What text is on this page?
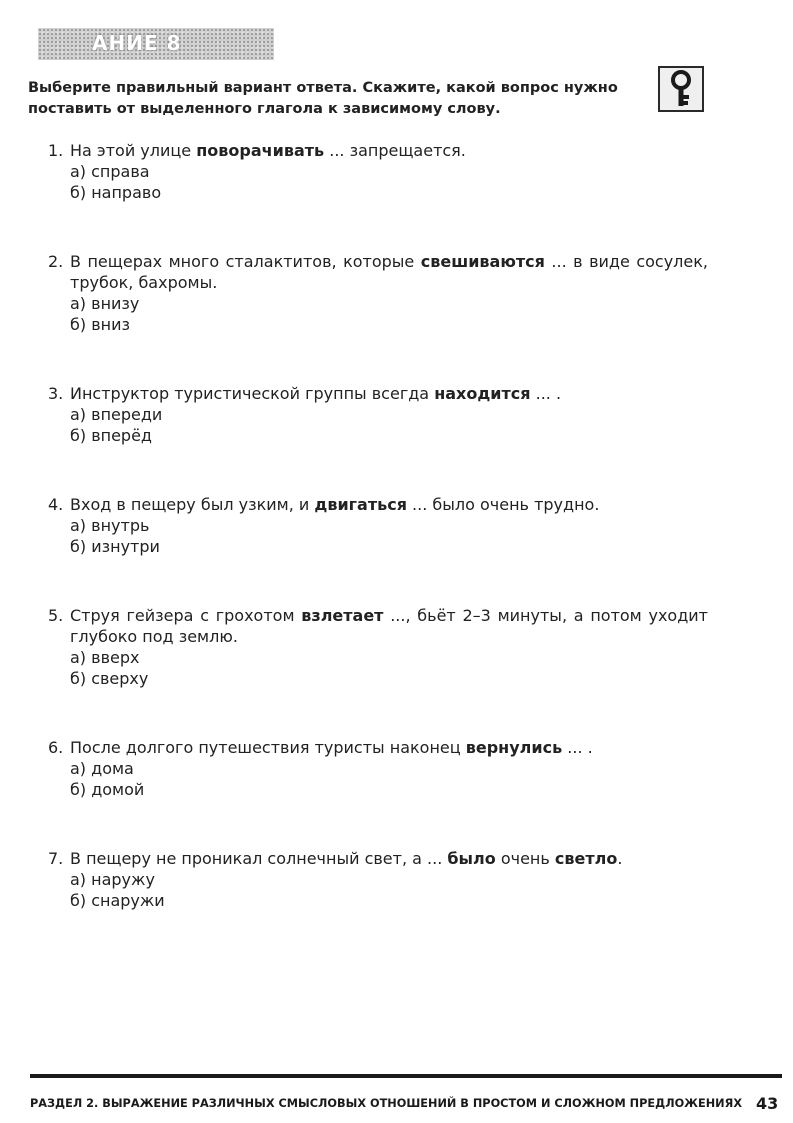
АНИЕ 8
Выберите правильный вариант ответа. Скажите, какой вопрос нужно
поставить от выделенного глагола к зависимому слову.
1. На этой улице поворачивать ... запрещается.
а) справа
б) направо
2. В пещерах много сталактитов, которые свешиваются ... в виде сосулек, трубок, бахромы.
а) внизу
б) вниз
3. Инструктор туристической группы всегда находится ... .
а) впереди
б) вперёд
4. Вход в пещеру был узким, и двигаться ... было очень трудно.
а) внутрь
б) изнутри
5. Струя гейзера с грохотом взлетает ..., бьёт 2–3 минуты, а потом уходит глубоко под землю.
а) вверх
б) сверху
6. После долгого путешествия туристы наконец вернулись ... .
а) дома
б) домой
7. В пещеру не проникал солнечный свет, а ... было очень светло.
а) наружу
б) снаружи
РАЗДЕЛ 2. ВЫРАЖЕНИЕ РАЗЛИЧНЫХ СМЫСЛОВЫХ ОТНОШЕНИЙ В ПРОСТОМ И СЛОЖНОМ ПРЕДЛОЖЕНИЯХ 43
